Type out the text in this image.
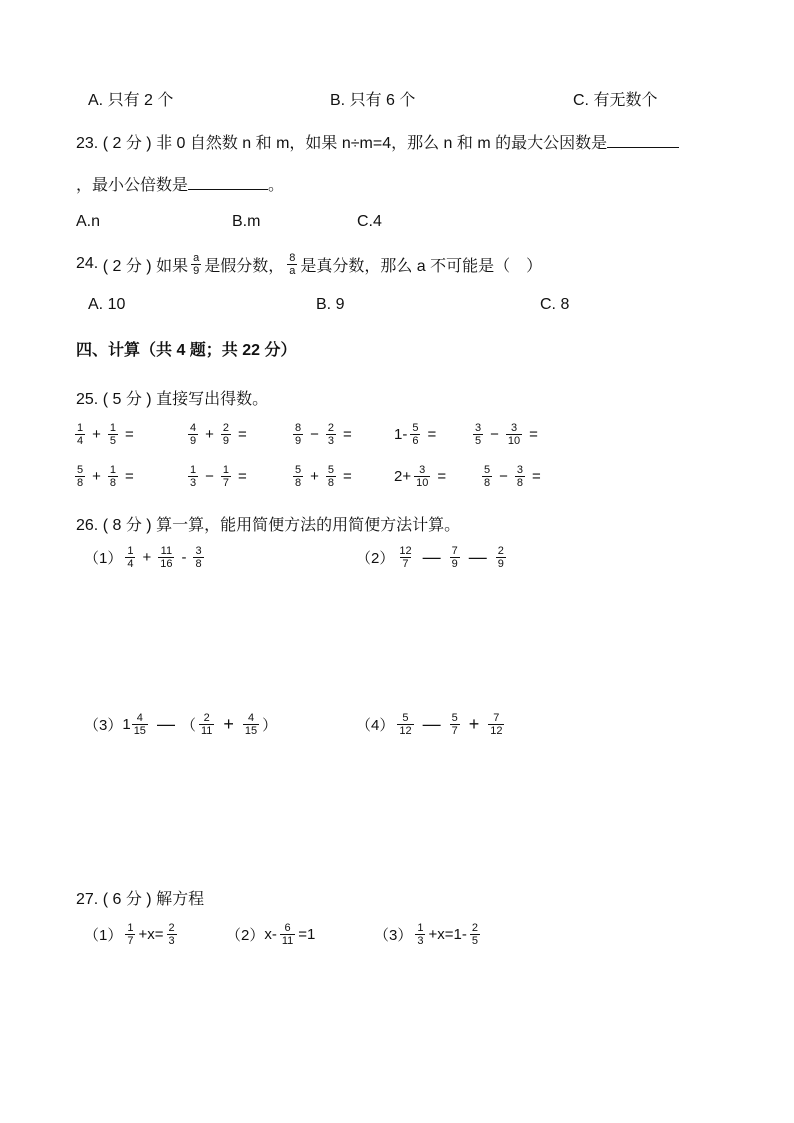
A. 只有 2 个	B. 只有 6 个	C. 有无数个
23. ( 2 分 ) 非 0 自然数 n 和 m，如果 n÷m=4，那么 n 和 m 的最大公因数是
，最小公倍数是	。
A.n	B.m	C.4
24.
( 2 分 )
如果 $\frac{a}{9}$ 是假分数， $\frac{8}{a}$ 是真分数，那么 a 不可能是（　）
A. 10	B. 9	C. 8
四、计算（共 4 题；共 22 分）
25. ( 5 分 ) 直接写出得数。
$\frac{1}{4} + \frac{1}{5}$ =	$\frac{4}{9} + \frac{2}{9}$ =	$\frac{8}{9} - \frac{2}{3}$ =	$1- \frac{5}{6}$ =	$\frac{3}{5} - \frac{3}{10}$ =
$\frac{5}{8} + \frac{1}{8}$ =	$\frac{1}{3} - \frac{1}{7}$ =	$\frac{5}{8} + \frac{5}{8}$ =	$2+ \frac{3}{10}$ =	$\frac{5}{8} - \frac{3}{8}$ =
26. ( 8 分 ) 算一算，能用简便方法的用简便方法计算。
$(1) \frac{1}{4} + \frac{11}{16} - \frac{3}{8}$	$(2) \frac{12}{7}$ — $\frac{7}{9}$ — $\frac{2}{9}$
（3） $1 \frac{4}{15}$ — （ $\frac{2}{11} + \frac{4}{15}$ ）	$(4) \frac{5}{12}$ — $\frac{5}{7} + \frac{7}{12}$
27. ( 6 分 ) 解方程
$(1) \frac{1}{7} +x= \frac{2}{3}$	（2） $x- \frac{6}{11} =1$	$(3) \frac{1}{3} +x=1- \frac{2}{5}$
